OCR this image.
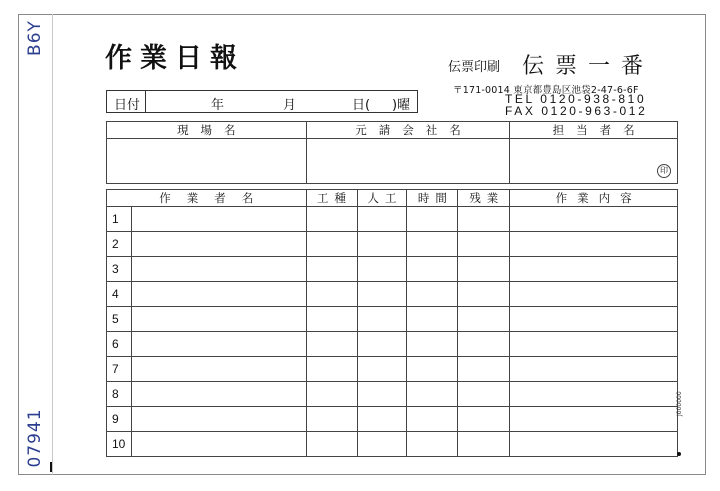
B6Y
07941
作業日報	伝票印刷 伝票一番
〒171-0014 東京都豊島区池袋2-47-6-6F
TEL 0120-938-810
FAX 0120-963-012
日付	年	月	日( )曜
現場名	元請会社名	担当者名

		印
作業者名		工種	人工	時間	残業	作業内容
1						
2						
3						
4						
5						
6						
7						
8						
9						
10						
J000000
